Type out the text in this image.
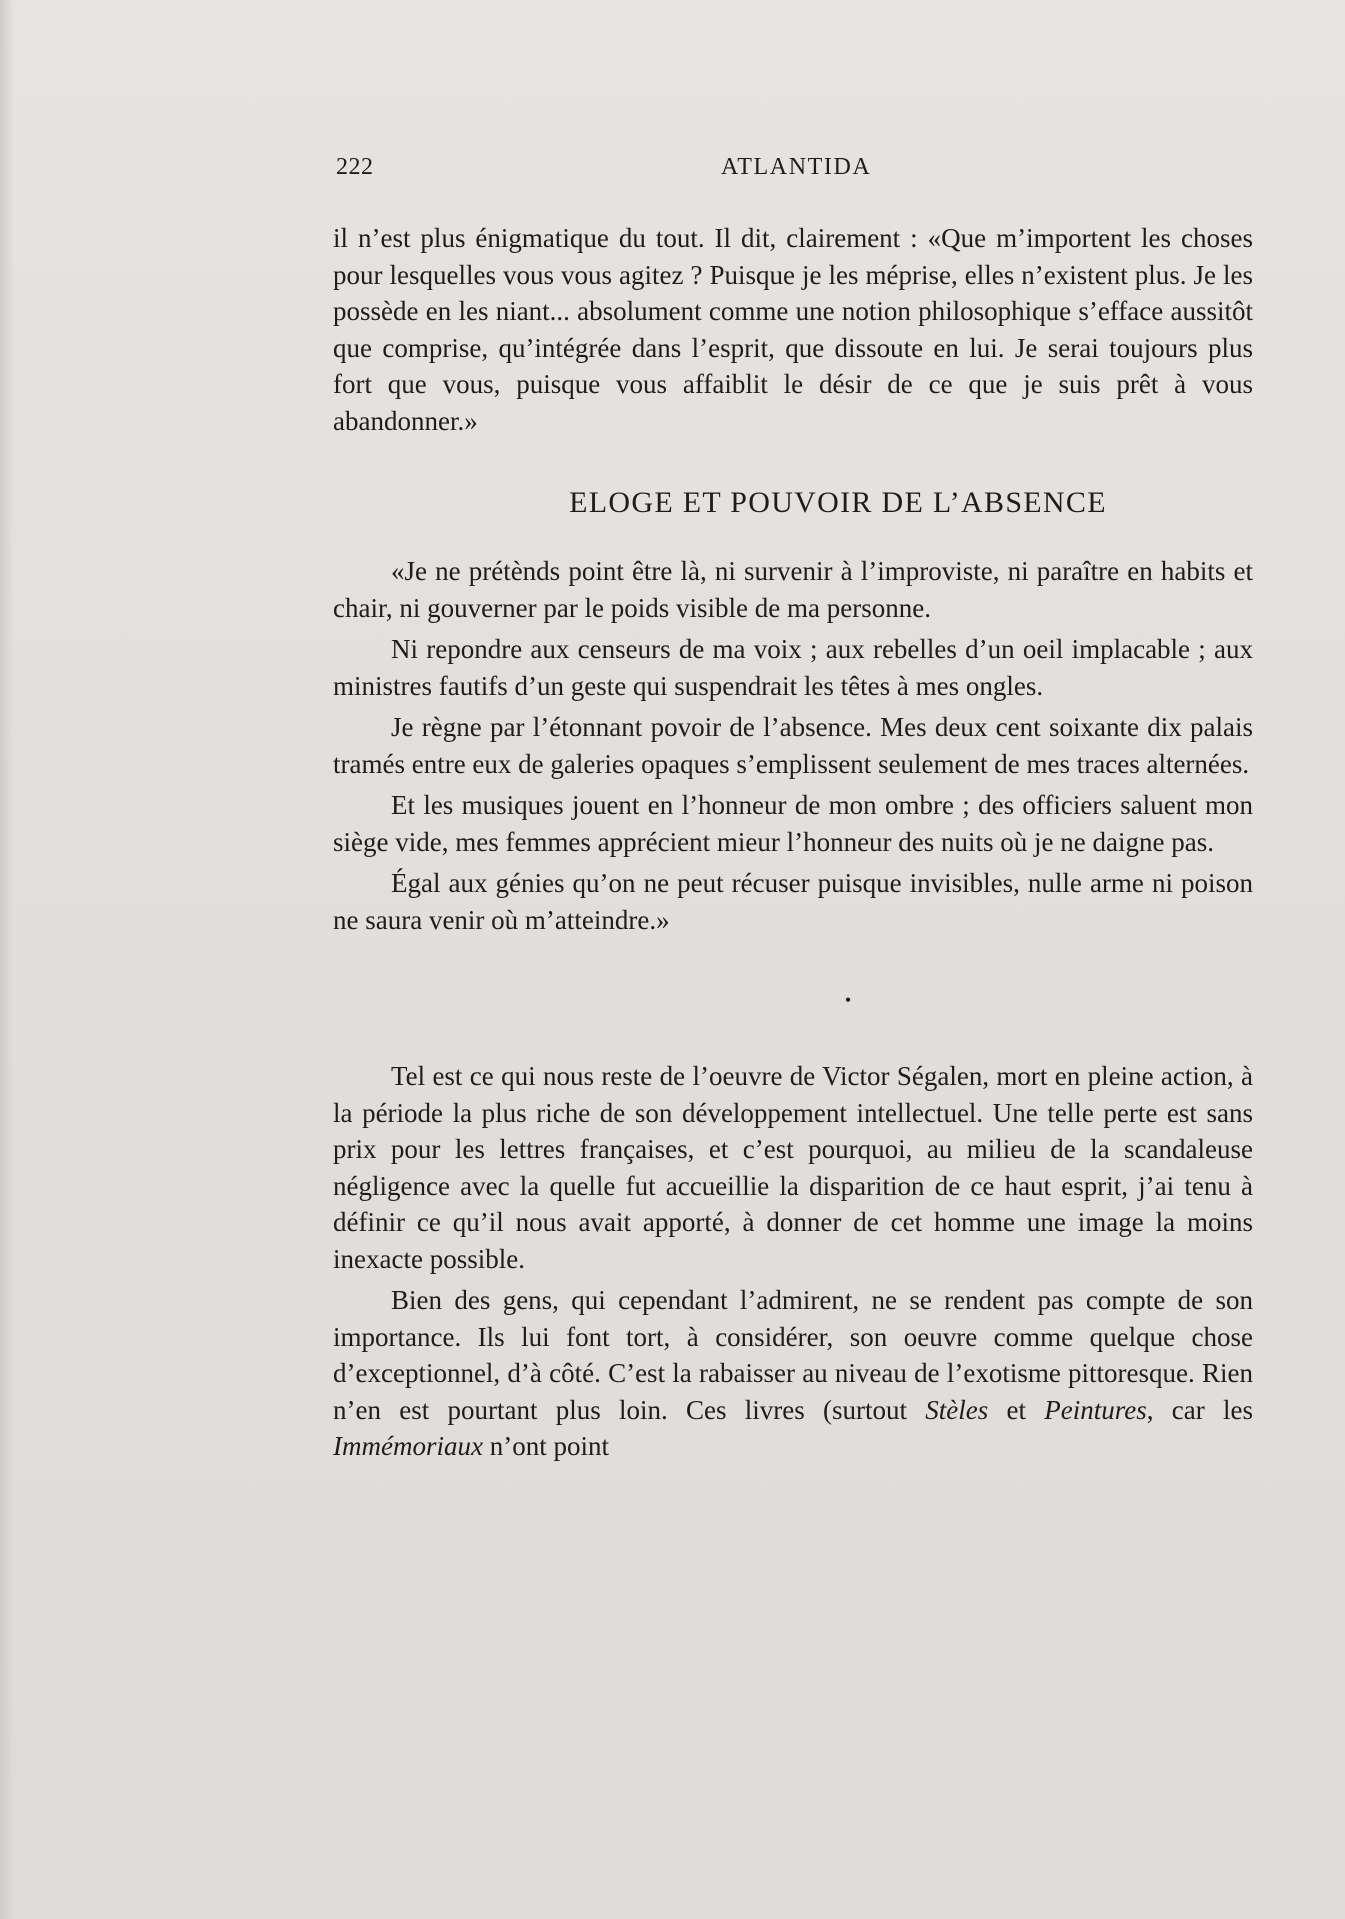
222	ATLANTIDA

il n’est plus énigmatique du tout. Il dit, clairement : «Que m’importent les choses pour lesquelles vous vous agitez ? Puisque je les méprise, elles n’existent plus. Je les possède en les niant... absolument comme une notion philosophique s’efface aussitôt que comprise, qu’intégrée dans l’esprit, que dissoute en lui. Je serai toujours plus fort que vous, puisque vous affaiblit le désir de ce que je suis prêt à vous abandonner.»

ELOGE ET POUVOIR DE L’ABSENCE

«Je ne prétènds point être là, ni survenir à l’improviste, ni paraître en habits et chair, ni gouverner par le poids visible de ma personne.

Ni repondre aux censeurs de ma voix ; aux rebelles d’un oeil implacable ; aux ministres fautifs d’un geste qui suspendrait les têtes à mes ongles.

Je règne par l’étonnant povoir de l’absence. Mes deux cent soixante dix palais tramés entre eux de galeries opaques s’emplissent seulement de mes traces alternées.

Et les musiques jouent en l’honneur de mon ombre ; des officiers saluent mon siège vide, mes femmes apprécient mieur l’honneur des nuits où je ne daigne pas.

Égal aux génies qu’on ne peut récuser puisque invisibles, nulle arme ni poison ne saura venir où m’atteindre.»

•

Tel est ce qui nous reste de l’oeuvre de Victor Ségalen, mort en pleine action, à la période la plus riche de son développement intellectuel. Une telle perte est sans prix pour les lettres françaises, et c’est pourquoi, au milieu de la scandaleuse négligence avec la quelle fut accueillie la disparition de ce haut esprit, j’ai tenu à définir ce qu’il nous avait apporté, à donner de cet homme une image la moins inexacte possible.

Bien des gens, qui cependant l’admirent, ne se rendent pas compte de son importance. Ils lui font tort, à considérer, son oeuvre comme quelque chose d’exceptionnel, d’à côté. C’est la rabaisser au niveau de l’exotisme pittoresque. Rien n’en est pourtant plus loin. Ces livres (surtout Stèles et Peintures, car les Immémoriaux n’ont point
